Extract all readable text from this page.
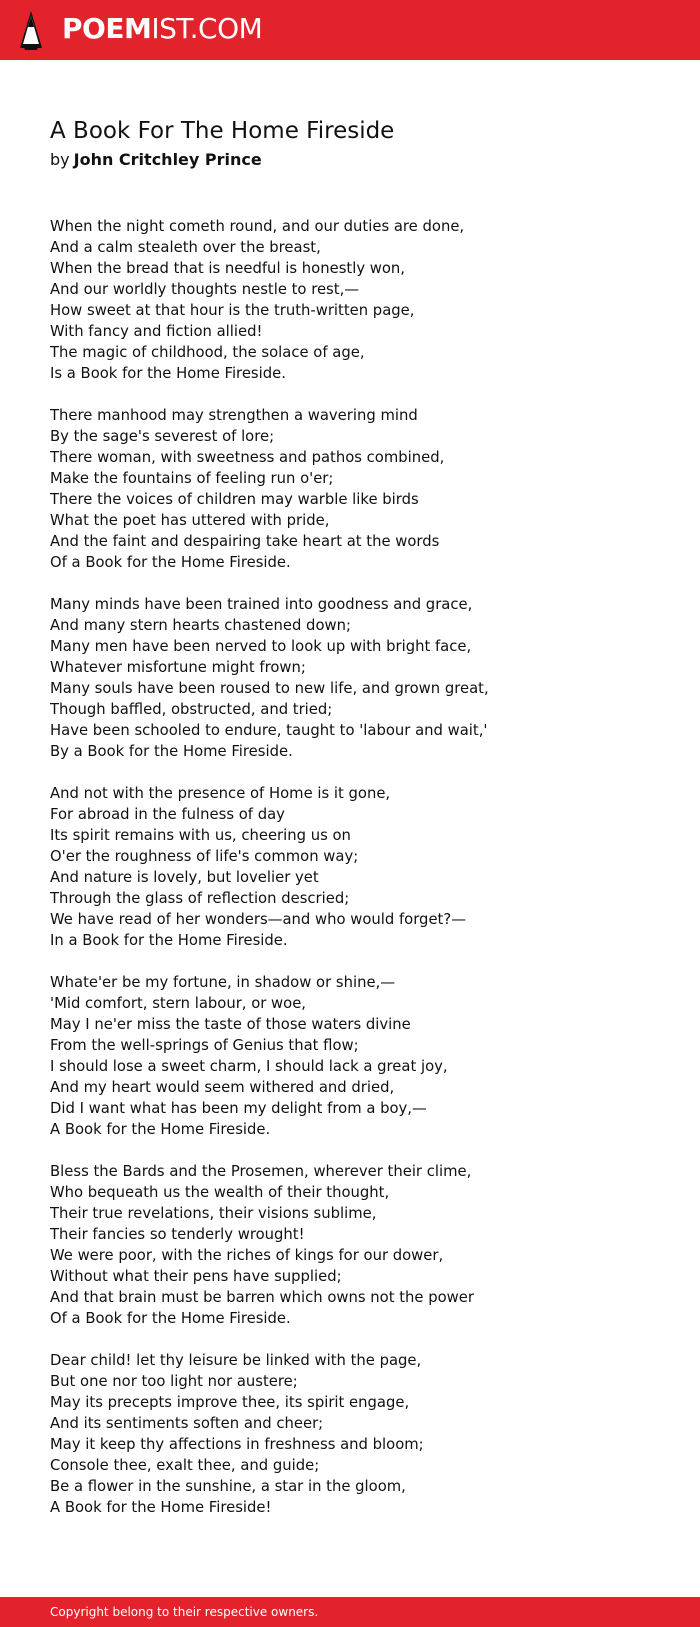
POEMIST.COM
A Book For The Home Fireside
by John Critchley Prince
When the night cometh round, and our duties are done,
And a calm stealeth over the breast,
When the bread that is needful is honestly won,
And our worldly thoughts nestle to rest,—
How sweet at that hour is the truth-written page,
With fancy and fiction allied!
The magic of childhood, the solace of age,
Is a Book for the Home Fireside.
There manhood may strengthen a wavering mind
By the sage's severest of lore;
There woman, with sweetness and pathos combined,
Make the fountains of feeling run o'er;
There the voices of children may warble like birds
What the poet has uttered with pride,
And the faint and despairing take heart at the words
Of a Book for the Home Fireside.
Many minds have been trained into goodness and grace,
And many stern hearts chastened down;
Many men have been nerved to look up with bright face,
Whatever misfortune might frown;
Many souls have been roused to new life, and grown great,
Though baffled, obstructed, and tried;
Have been schooled to endure, taught to 'labour and wait,'
By a Book for the Home Fireside.
And not with the presence of Home is it gone,
For abroad in the fulness of day
Its spirit remains with us, cheering us on
O'er the roughness of life's common way;
And nature is lovely, but lovelier yet
Through the glass of reflection descried;
We have read of her wonders—and who would forget?—
In a Book for the Home Fireside.
Whate'er be my fortune, in shadow or shine,—
'Mid comfort, stern labour, or woe,
May I ne'er miss the taste of those waters divine
From the well-springs of Genius that flow;
I should lose a sweet charm, I should lack a great joy,
And my heart would seem withered and dried,
Did I want what has been my delight from a boy,—
A Book for the Home Fireside.
Bless the Bards and the Prosemen, wherever their clime,
Who bequeath us the wealth of their thought,
Their true revelations, their visions sublime,
Their fancies so tenderly wrought!
We were poor, with the riches of kings for our dower,
Without what their pens have supplied;
And that brain must be barren which owns not the power
Of a Book for the Home Fireside.
Dear child! let thy leisure be linked with the page,
But one nor too light nor austere;
May its precepts improve thee, its spirit engage,
And its sentiments soften and cheer;
May it keep thy affections in freshness and bloom;
Console thee, exalt thee, and guide;
Be a flower in the sunshine, a star in the gloom,
A Book for the Home Fireside!
Copyright belong to their respective owners.
